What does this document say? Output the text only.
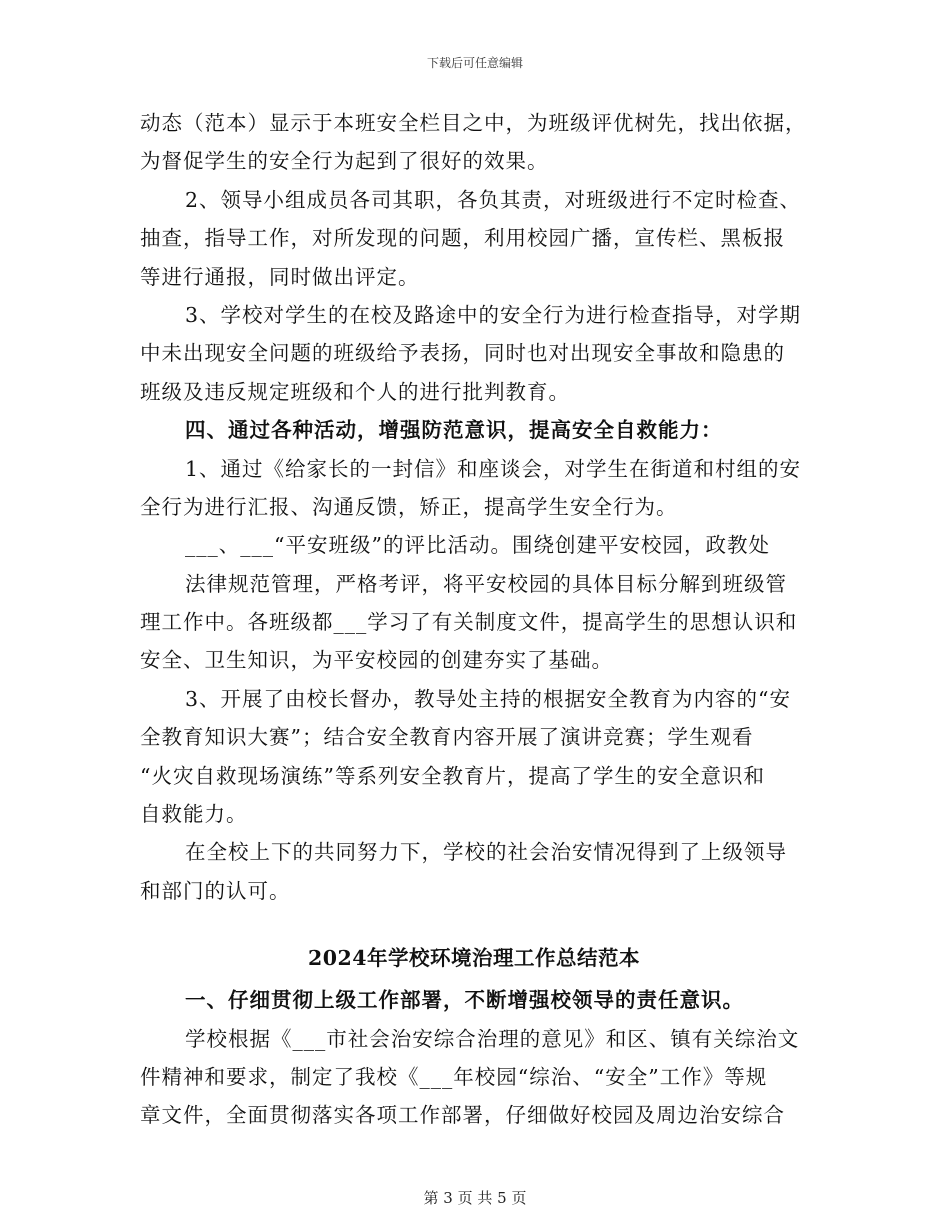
下载后可任意编辑
动态（范本）显示于本班安全栏目之中，为班级评优树先，找出依据，
为督促学生的安全行为起到了很好的效果。
2、领导小组成员各司其职，各负其责，对班级进行不定时检查、
抽查，指导工作，对所发现的问题，利用校园广播，宣传栏、黑板报
等进行通报，同时做出评定。
3、学校对学生的在校及路途中的安全行为进行检查指导，对学期
中未出现安全问题的班级给予表扬，同时也对出现安全事故和隐患的
班级及违反规定班级和个人的进行批判教育。
四、通过各种活动，增强防范意识，提高安全自救能力：
1、通过《给家长的一封信》和座谈会，对学生在街道和村组的安
全行为进行汇报、沟通反馈，矫正，提高学生安全行为。
___、___“平安班级”的评比活动。围绕创建平安校园，政教处
法律规范管理，严格考评，将平安校园的具体目标分解到班级管
理工作中。各班级都___学习了有关制度文件，提高学生的思想认识和
安全、卫生知识，为平安校园的创建夯实了基础。
3、开展了由校长督办，教导处主持的根据安全教育为内容的“安
全教育知识大赛”；结合安全教育内容开展了演讲竞赛；学生观看
“火灾自救现场演练”等系列安全教育片，提高了学生的安全意识和
自救能力。
在全校上下的共同努力下，学校的社会治安情况得到了上级领导
和部门的认可。
2024年学校环境治理工作总结范本
一、仔细贯彻上级工作部署，不断增强校领导的责任意识。
学校根据《___市社会治安综合治理的意见》和区、镇有关综治文
件精神和要求，制定了我校《___年校园“综治、“安全”工作》等规
章文件，全面贯彻落实各项工作部署，仔细做好校园及周边治安综合
第 3 页 共 5 页
